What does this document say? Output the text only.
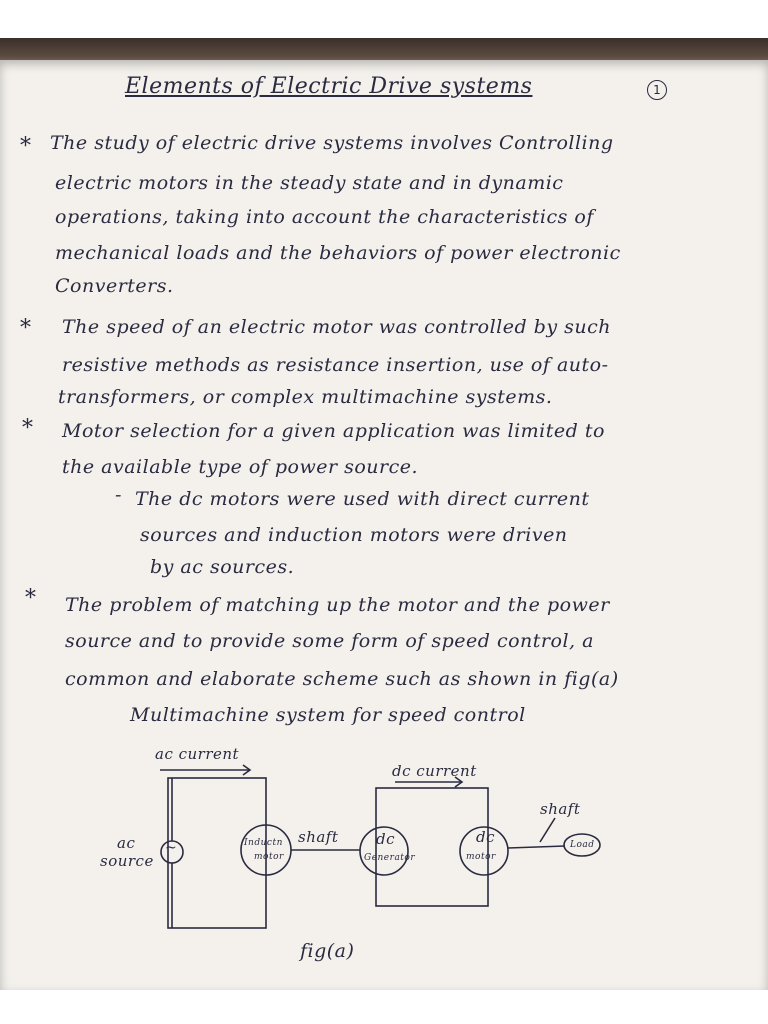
Elements of Electric Drive systems	1
* The study of electric drive systems involves Controlling
electric motors in the steady state and in dynamic
operations, taking into account the characteristics of
mechanical loads and the behaviors of power electronic
Converters.
* The speed of an electric motor was controlled by such
resistive methods as resistance insertion, use of auto-
transformers, or complex multimachine systems.
* Motor selection for a given application was limited to
the available type of power source.
- The dc motors were used with direct current
sources and induction motors were driven
by ac sources.
* The problem of matching up the motor and the power
source and to provide some form of speed control, a
common and elaborate scheme such as shown in fig(a)
Multimachine system for speed control
ac current
dc current
ac
source
~	Inductn
motor
shaft	dc
Generator
dc
motor
shaft
Load
fig(a)
